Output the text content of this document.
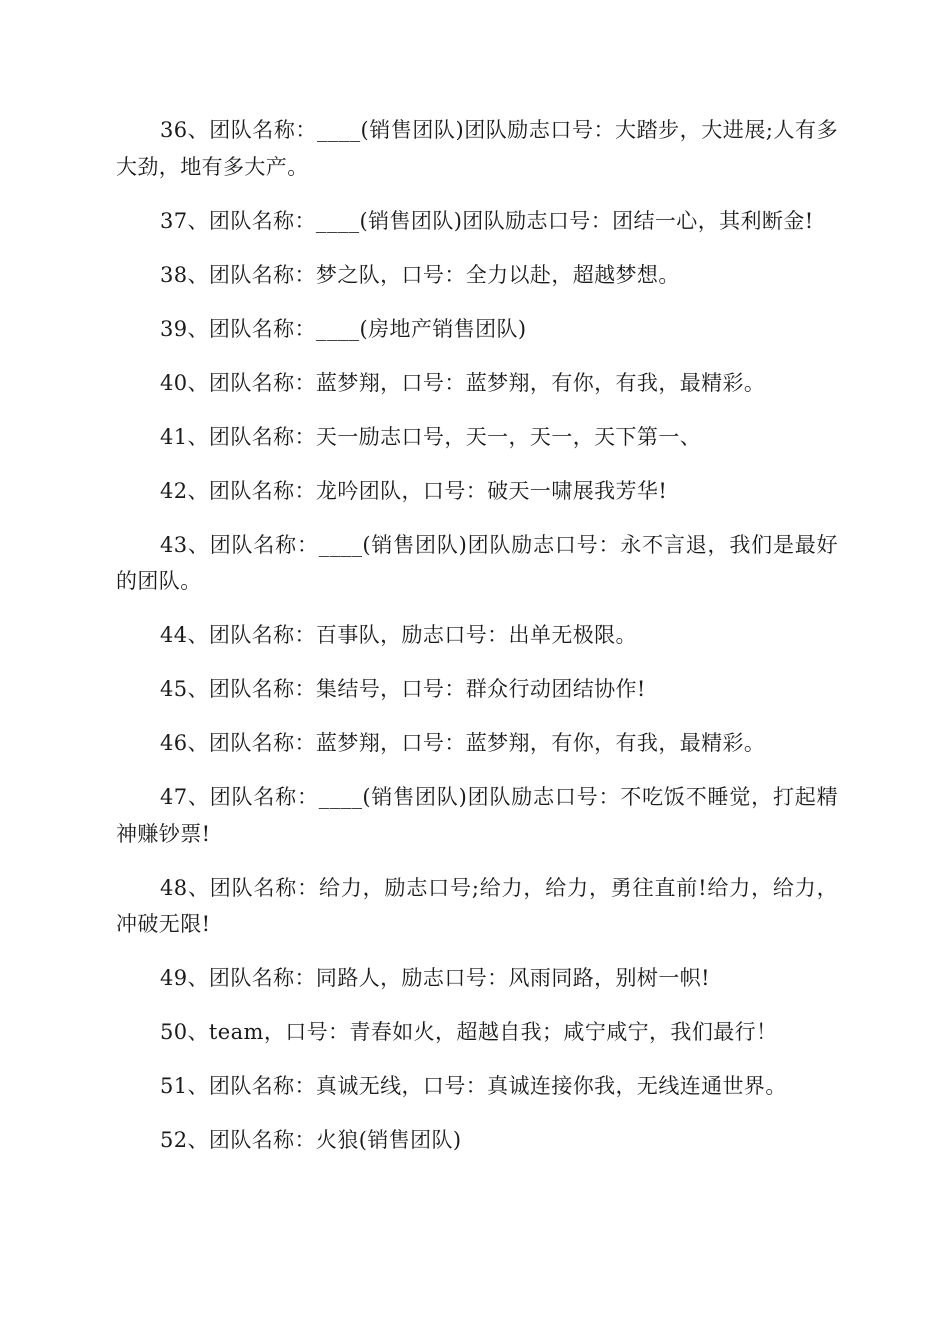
36、团队名称：____(销售团队)团队励志口号：大踏步，大进展;人有多大劲，地有多大产。

37、团队名称：____(销售团队)团队励志口号：团结一心，其利断金!

38、团队名称：梦之队，口号：全力以赴，超越梦想。

39、团队名称：____(房地产销售团队)

40、团队名称：蓝梦翔，口号：蓝梦翔，有你，有我，最精彩。

41、团队名称：天一励志口号，天一，天一，天下第一、

42、团队名称：龙吟团队，口号：破天一啸展我芳华!

43、团队名称：____(销售团队)团队励志口号：永不言退，我们是最好的团队。

44、团队名称：百事队，励志口号：出单无极限。

45、团队名称：集结号，口号：群众行动团结协作!

46、团队名称：蓝梦翔，口号：蓝梦翔，有你，有我，最精彩。

47、团队名称：____(销售团队)团队励志口号：不吃饭不睡觉，打起精神赚钞票!

48、团队名称：给力，励志口号;给力，给力，勇往直前!给力，给力，冲破无限!

49、团队名称：同路人，励志口号：风雨同路，别树一帜!

50、team，口号：青春如火，超越自我；咸宁咸宁，我们最行！

51、团队名称：真诚无线，口号：真诚连接你我，无线连通世界。

52、团队名称：火狼(销售团队)
